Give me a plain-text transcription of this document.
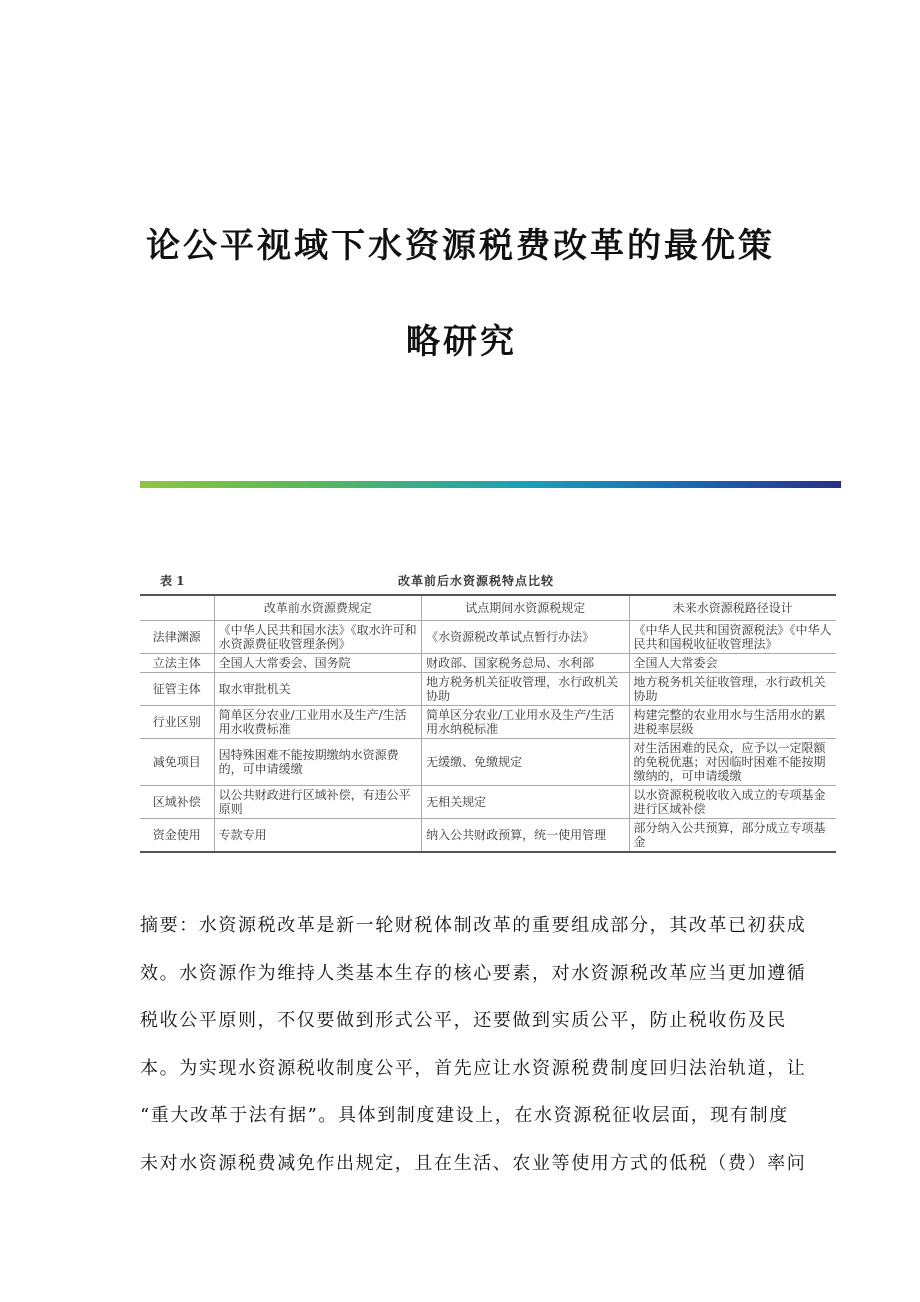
论公平视域下水资源税费改革的最优策
略研究
表 1	改革前后水资源税特点比较
	改革前水资源费规定	试点期间水资源税规定	未来水资源税路径设计
法律渊源	《中华人民共和国水法》《取水许可和水资源费征收管理条例》	《水资源税改革试点暂行办法》	《中华人民共和国资源税法》《中华人民共和国税收征收管理法》
立法主体	全国人大常委会、国务院	财政部、国家税务总局、水利部	全国人大常委会
征管主体	取水审批机关	地方税务机关征收管理，水行政机关协助	地方税务机关征收管理，水行政机关协助
行业区别	简单区分农业/工业用水及生产/生活用水收费标准	简单区分农业/工业用水及生产/生活用水纳税标准	构建完整的农业用水与生活用水的累进税率层级
减免项目	因特殊困难不能按期缴纳水资源费的，可申请缓缴	无缓缴、免缴规定	对生活困难的民众，应予以一定限额的免税优惠；对因临时困难不能按期缴纳的，可申请缓缴
区域补偿	以公共财政进行区域补偿，有违公平原则	无相关规定	以水资源税税收收入成立的专项基金进行区域补偿
资金使用	专款专用	纳入公共财政预算，统一使用管理	部分纳入公共预算，部分成立专项基金

摘要：水资源税改革是新一轮财税体制改革的重要组成部分，其改革已初获成

效。水资源作为维持人类基本生存的核心要素，对水资源税改革应当更加遵循

税收公平原则，不仅要做到形式公平，还要做到实质公平，防止税收伤及民

本。为实现水资源税收制度公平，首先应让水资源税费制度回归法治轨道，让

“重大改革于法有据”。具体到制度建设上，在水资源税征收层面，现有制度

未对水资源税费减免作出规定，且在生活、农业等使用方式的低税（费）率问
